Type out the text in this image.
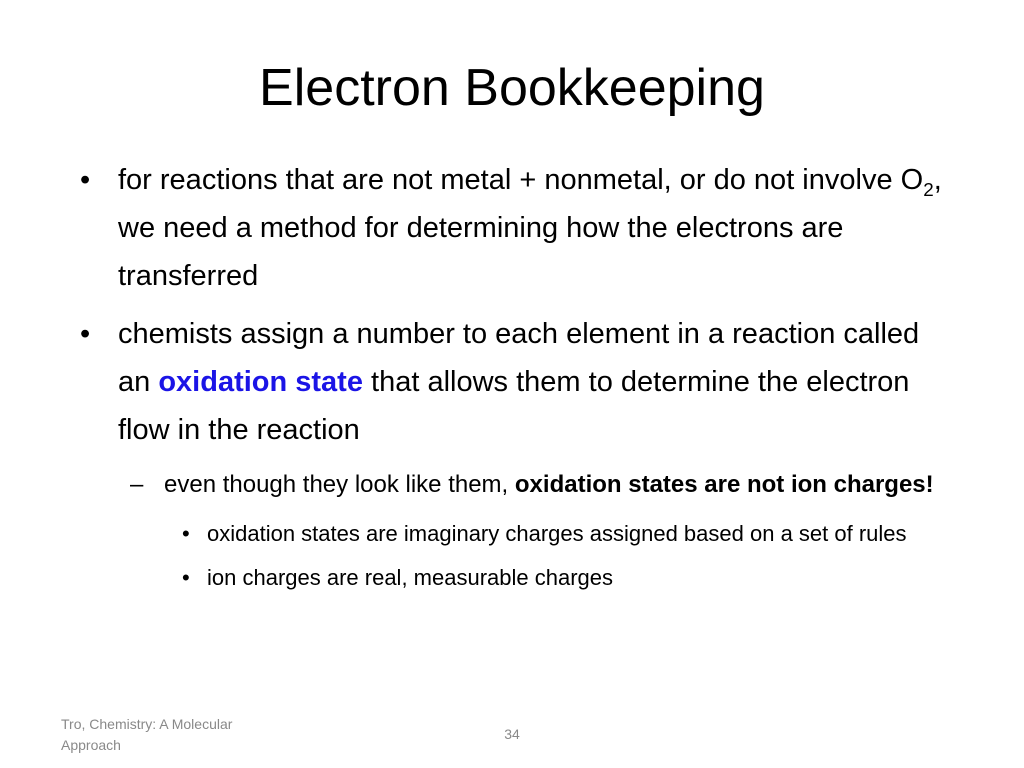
Electron Bookkeeping

• for reactions that are not metal + nonmetal, or do not involve $O_2$, we need a method for determining how the electrons are transferred

• chemists assign a number to each element in a reaction called an oxidation state that allows them to determine the electron flow in the reaction

– even though they look like them, oxidation states are not ion charges!

• oxidation states are imaginary charges assigned based on a set of rules

• ion charges are real, measurable charges

Tro, Chemistry: A Molecular Approach
34
